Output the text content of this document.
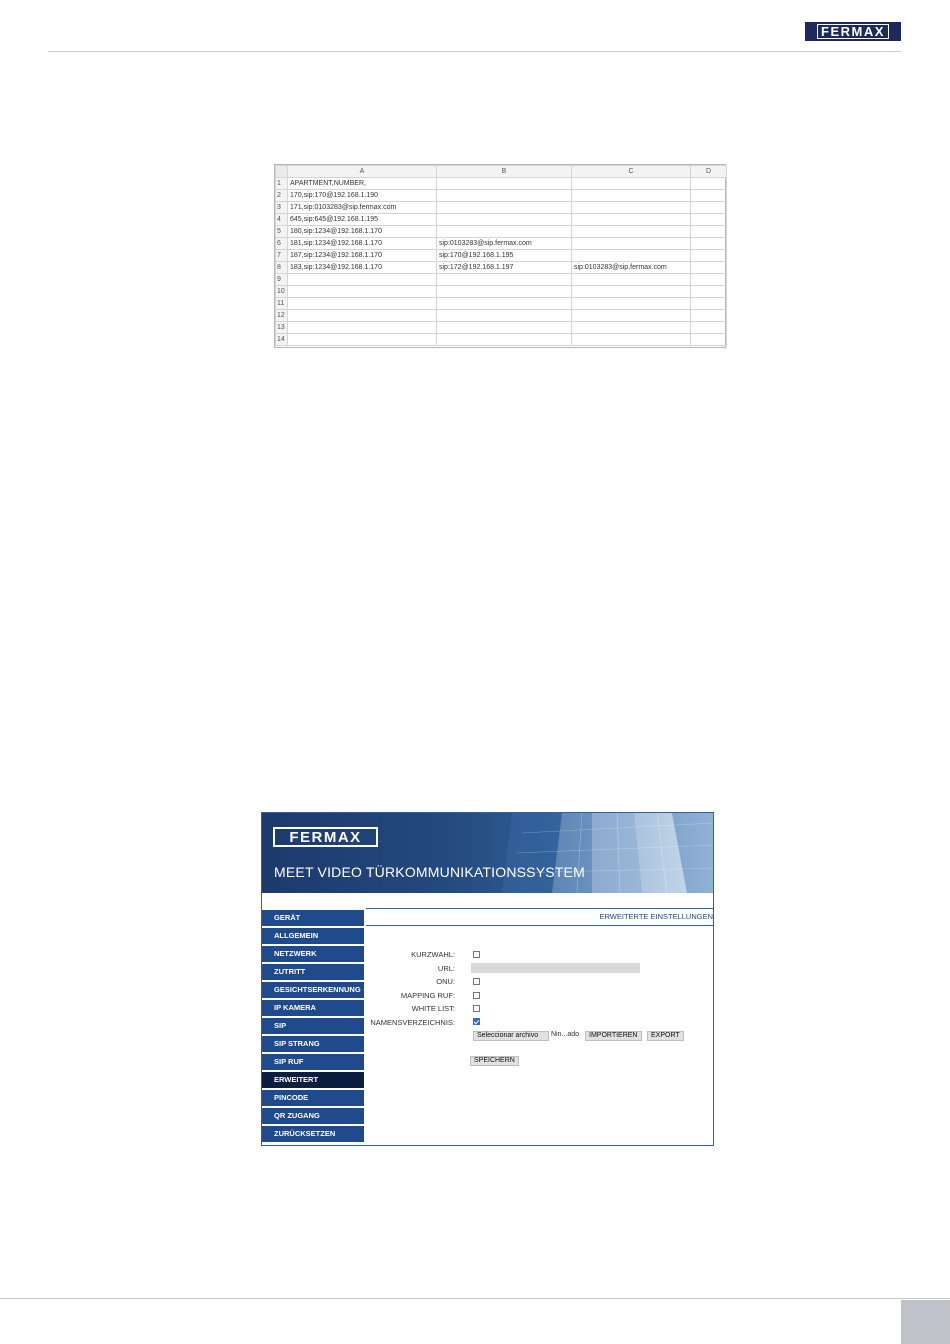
FERMAX
	A	B	C	D
1	APARTMENT,NUMBER,			
2	170,sip:170@192.168.1.190			
3	171,sip:0103283@sip.fermax.com			
4	645,sip:645@192.168.1.195			
5	180,sip:1234@192.168.1.170			
6	181,sip:1234@192.168.1.170	sip:0103283@sip.fermax.com		
7	187,sip:1234@192.168.1.170	sip:170@192.168.1.195		
8	183,sip:1234@192.168.1.170	sip:172@192.168.1.197	sip:0103283@sip.fermax.com	
9				
10				
11				
12				
13				
14				
FERMAX
MEET VIDEO TÜRKOMMUNIKATIONSSYSTEM
GERÄT
ALLGEMEIN
NETZWERK
ZUTRITT
GESICHTSERKENNUNG
IP KAMERA
SIP
SIP STRANG
SIP RUF
ERWEITERT
PINCODE
QR ZUGANG
ZURÜCKSETZEN
ERWEITERTE EINSTELLUNGEN
KURZWAHL:
URL:
ONU:
MAPPING RUF:
WHITE LIST:
NAMENSVERZEICHNIS:
Seleccionar archivo	Nin...ado	IMPORTIEREN	EXPORT
SPEICHERN
